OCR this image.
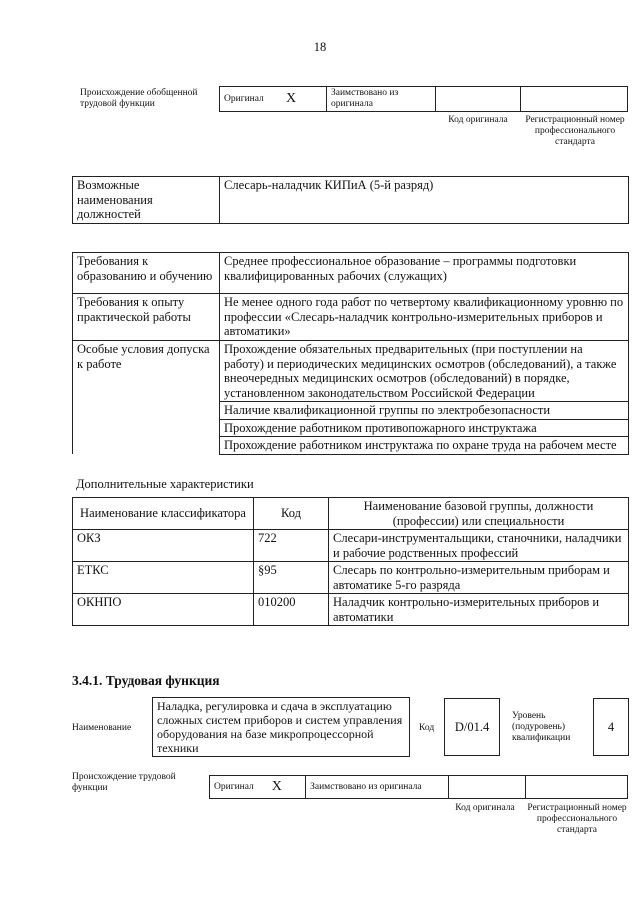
18
Происхождение обобщенной трудовой функции
Оригинал	X	Заимствовано из оригинала		
Код оригинала	Регистрационный номер профессионального стандарта
Возможные наименования должностей	Слесарь-наладчик КИПиА (5-й разряд)
Требования к образованию и обучению	Среднее профессиональное образование – программы подготовки квалифицированных рабочих (служащих)
Требования к опыту практической работы	Не менее одного года работ по четвертому квалификационному уровню по профессии «Слесарь-наладчик контрольно-измерительных приборов и автоматики»
Особые условия допуска к работе	Прохождение обязательных предварительных (при поступлении на работу) и периодических медицинских осмотров (обследований), а также внеочередных медицинских осмотров (обследований) в порядке, установленном законодательством Российской Федерации
	Наличие квалификационной группы по электробезопасности
	Прохождение работником противопожарного инструктажа
	Прохождение работником инструктажа по охране труда на рабочем месте
Дополнительные характеристики
Наименование классификатора	Код	Наименование базовой группы, должности (профессии) или специальности
ОКЗ	722	Слесари-инструментальщики, станочники, наладчики и рабочие родственных профессий
ЕТКС	§95	Слесарь по контрольно-измерительным приборам и автоматике 5-го разряда
ОКНПО	010200	Наладчик контрольно-измерительных приборов и автоматики
3.4.1. Трудовая функция
Наименование
Наладка, регулировка и сдача в эксплуатацию сложных систем приборов и систем управления оборудования на базе микропроцессорной техники
Код	D/01.4
Уровень (подуровень) квалификации
4
Происхождение трудовой функции	Оригинал	X	Заимствовано из оригинала		
Код оригинала	Регистрационный номер профессионального стандарта
